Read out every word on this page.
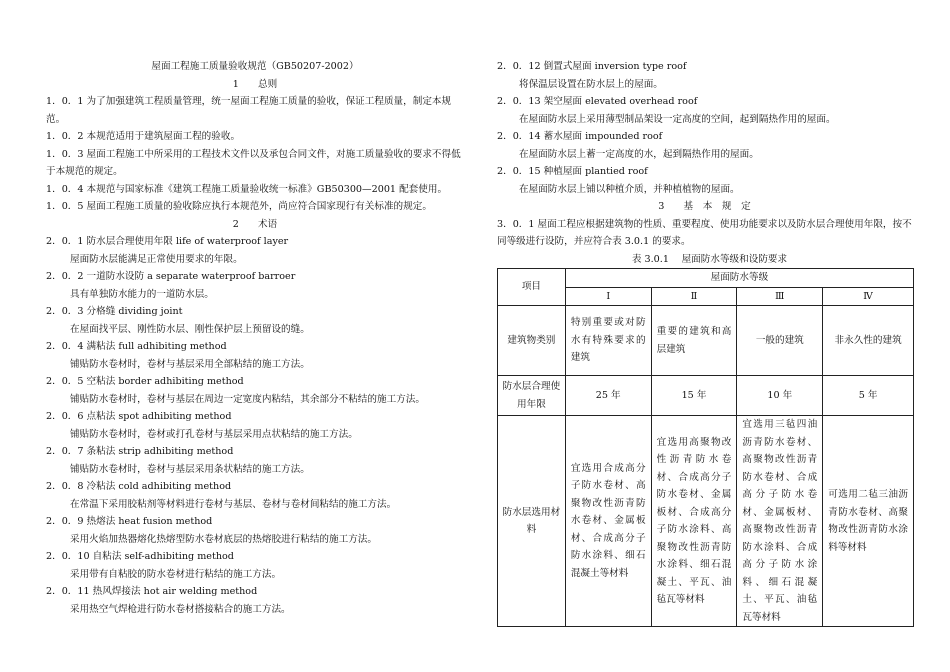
屋面工程施工质量验收规范（GB50207-2002）
1　　总则
1．0．1 为了加强建筑工程质量管理，统一屋面工程施工质量的验收，保证工程质量，制定本规范。
1．0．2 本规范适用于建筑屋面工程的验收。
1．0．3 屋面工程施工中所采用的工程技术文件以及承包合同文件，对施工质量验收的要求不得低于本规范的规定。
1．0．4 本规范与国家标准《建筑工程施工质量验收统一标准》GB50300—2001 配套使用。
1．0．5 屋面工程施工质量的验收除应执行本规范外，尚应符合国家现行有关标准的规定。
2　　术语
2．0．1 防水层合理使用年限 life of waterproof layer
屋面防水层能满足正常使用要求的年限。
2．0．2 一道防水设防 a separate waterproof barroer
具有单独防水能力的一道防水层。
2．0．3 分格缝 dividing joint
在屋面找平层、刚性防水层、刚性保护层上预留设的缝。
2．0．4 满粘法 full adhibiting method
铺贴防水卷材时，卷材与基层采用全部粘结的施工方法。
2．0．5 空粘法 border adhibiting method
铺贴防水卷材时，卷材与基层在周边一定宽度内粘结，其余部分不粘结的施工方法。
2．0．6 点粘法 spot adhibiting method
铺贴防水卷材时，卷材或打孔卷材与基层采用点状粘结的施工方法。
2．0．7 条粘法 strip adhibiting method
铺贴防水卷材时，卷材与基层采用条状粘结的施工方法。
2．0．8 冷粘法 cold adhibiting method
在常温下采用胶粘剂等材料进行卷材与基层、卷材与卷材间粘结的施工方法。
2．0．9 热熔法 heat fusion method
采用火焰加热器熔化热熔型防水卷材底层的热熔胶进行粘结的施工方法。
2．0．10 自粘法 self-adhibiting method
采用带有自粘胶的防水卷材进行粘结的施工方法。
2．0．11 热风焊接法 hot air welding method
采用热空气焊枪进行防水卷材搭接粘合的施工方法。
2．0．12 倒置式屋面 inversion type roof
将保温层设置在防水层上的屋面。
2．0．13 架空屋面 elevated overhead roof
在屋面防水层上采用薄型制品架设一定高度的空间，起到隔热作用的屋面。
2．0．14 蓄水屋面 impounded roof
在屋面防水层上蓄一定高度的水，起到隔热作用的屋面。
2．0．15 种植屋面 plantied roof
在屋面防水层上铺以种植介质，并种植植物的屋面。
3　　基　本　规　定
3．0．1 屋面工程应根据建筑物的性质、重要程度、使用功能要求以及防水层合理使用年限，按不同等级进行设防，并应符合表 3.0.1 的要求。
表 3.0.1　 屋面防水等级和设防要求
项目	屋面防水等级			
	Ⅰ	Ⅱ	Ⅲ	Ⅳ
建筑物类别	特别重要或对防水有特殊要求的建筑	重要的建筑和高层建筑	一般的建筑	非永久性的建筑
防水层合理使用年限	25 年	15 年	10 年	5 年
防水层选用材料	宜选用合成高分子防水卷材、高聚物改性沥青防水卷材、金属板材、合成高分子防水涂料、细石混凝土等材料	宜选用高聚物改性沥青防水卷材、合成高分子防水卷材、金属板材、合成高分子防水涂料、高聚物改性沥青防水涂料、细石混凝土、平瓦、油毡瓦等材料	宜选用三毡四油沥青防水卷材、高聚物改性沥青防水卷材、合成高分子防水卷材、金属板材、高聚物改性沥青防水涂料、合成高分子防水涂料、细石混凝土、平瓦、油毡瓦等材料	可选用二毡三油沥青防水卷材、高聚物改性沥青防水涂料等材料
